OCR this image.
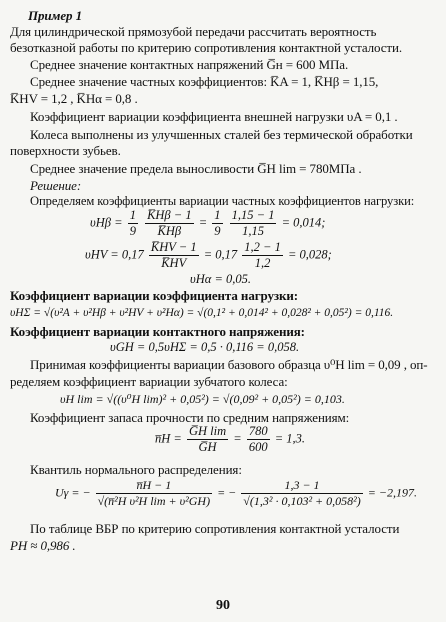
Пример 1
Для цилиндрической прямозубой передачи рассчитать вероятность
безотказной работы по критерию сопротивления контактной усталости.
Среднее значение контактных напряжений G̅н = 600 МПа.
Среднее значение частных коэффициентов: K̅A = 1, K̅Hβ = 1,15,
K̅HV = 1,2 , K̅Hα = 0,8 .
Коэффициент вариации коэффициента внешней нагрузки υA = 0,1 .
Колеса выполнены из улучшенных сталей без термической обработки
поверхности зубьев.
Среднее значение предела выносливости G̅H lim = 780МПа .
Решение:
Определяем коэффициенты вариации частных коэффициентов нагрузки:
$\upsilon H\beta = \frac{1}{9}$
$\frac{K̅H\beta - 1}{K̅H\beta} = \frac{1}{9}$
$\frac{1,15 - 1}{1,15} = 0,014$;
$\upsilon HV = 0,17 \frac{K̅HV - 1}{K̅HV} = 0,17 \frac{1,2 - 1}{1,2} = 0,028$;
υHα = 0,05.
Коэффициент вариации коэффициента нагрузки:
υHΣ = √(υ²A + υ²Hβ + υ²HV + υ²Hα) = √(0,1² + 0,014² + 0,028² + 0,05²) = 0,116.
Коэффициент вариации контактного напряжения:
υGH = 0,5υHΣ = 0,5 · 0,116 = 0,058.
Принимая коэффициенты вариации базового образца υ⁰H lim = 0,09 , оп-
ределяем коэффициент вариации зубчатого колеса:
υH lim = √((υ⁰H lim)² + 0,05²) = √(0,09² + 0,05²) = 0,103.
Коэффициент запаса прочности по средним напряжениям:
n̅H = $\frac{\text{G̅H lim}}{G̅H} = \frac{780}{600} = 1,3$.
Квантиль нормального распределения:
Uγ = − $\frac{n̅H - 1}{\text{√(n̅²H υ²H lim + υ²GH)}}$ = − $\frac{1,3 - 1}{\text{√(1,3² · 0,103² + 0,058²)}} = -2,197$.
По таблице ВБР по критерию сопротивления контактной усталости
PH ≈ 0,986 .
90
